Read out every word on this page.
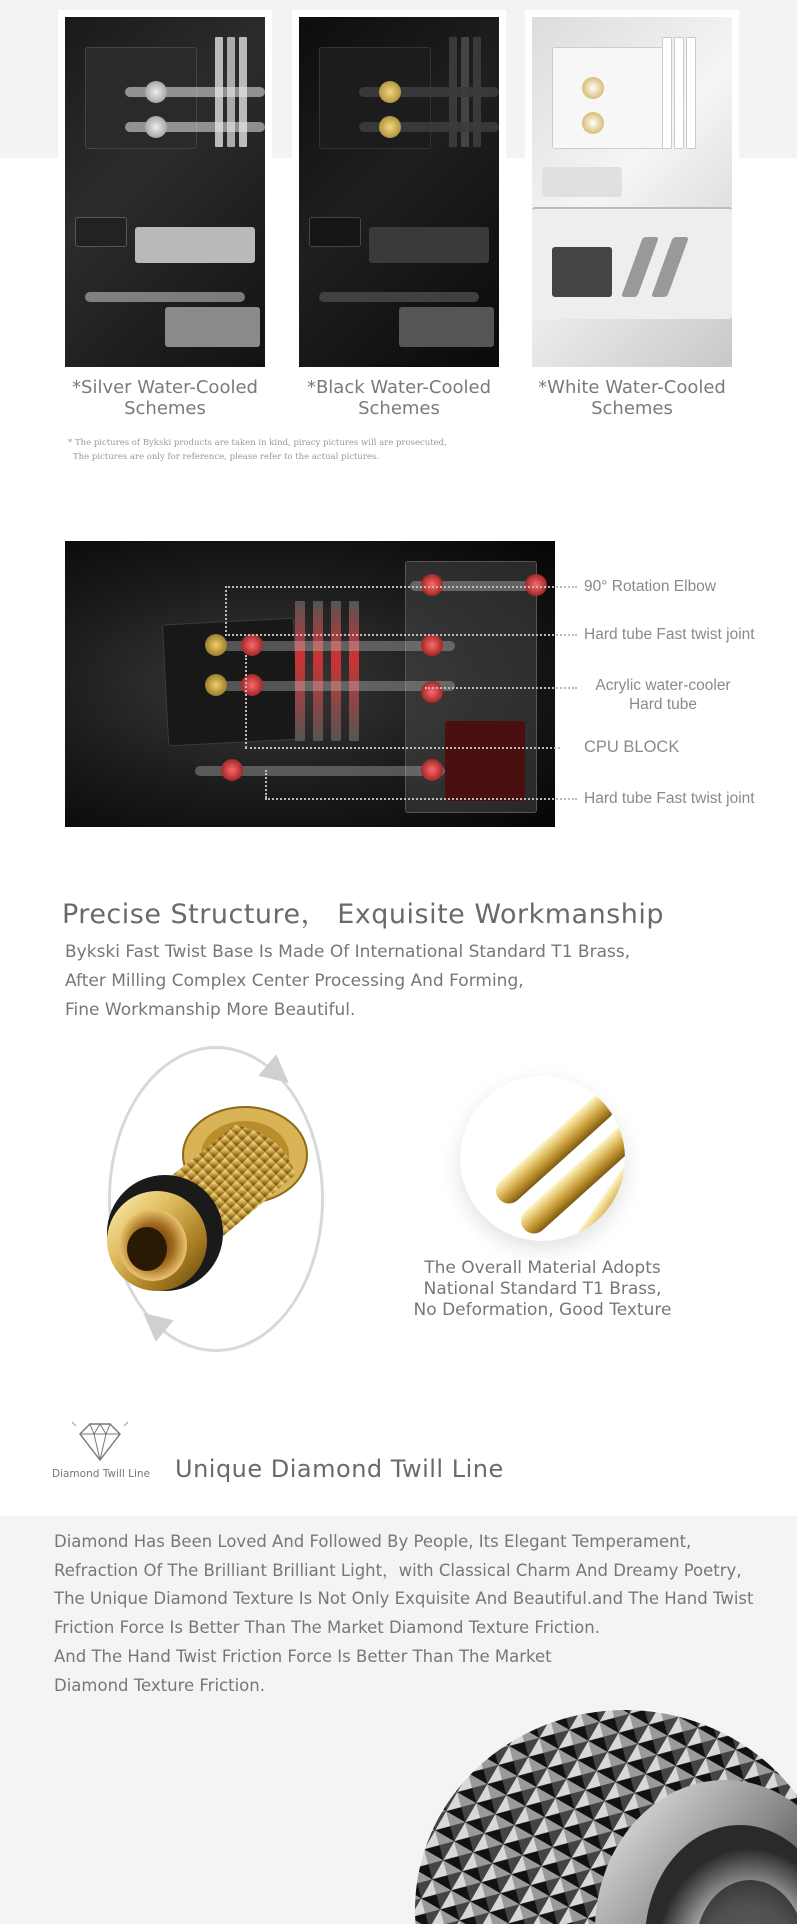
*Silver Water-Cooled
Schemes
*Black Water-Cooled
Schemes
*White Water-Cooled
Schemes
* The pictures of Bykski products are taken in kind, piracy pictures will are prosecuted,
The pictures are only for reference, please refer to the actual pictures.
90° Rotation Elbow
Hard tube Fast twist joint
Acrylic water-cooler
Hard tube
CPU BLOCK
Hard tube Fast twist joint
Precise Structure， Exquisite Workmanship
Bykski Fast Twist Base Is Made Of International Standard T1 Brass,
After Milling Complex Center Processing And Forming,
Fine Workmanship More Beautiful.
The Overall Material Adopts
National Standard T1 Brass,
No Deformation, Good Texture
Diamond Twill Line Unique Diamond Twill Line
Diamond Has Been Loved And Followed By People, Its Elegant Temperament,
Refraction Of The Brilliant Brilliant Light，with Classical Charm And Dreamy Poetry,
The Unique Diamond Texture Is Not Only Exquisite And Beautiful.and The Hand Twist
Friction Force Is Better Than The Market Diamond Texture Friction.
And The Hand Twist Friction Force Is Better Than The Market
Diamond Texture Friction.
